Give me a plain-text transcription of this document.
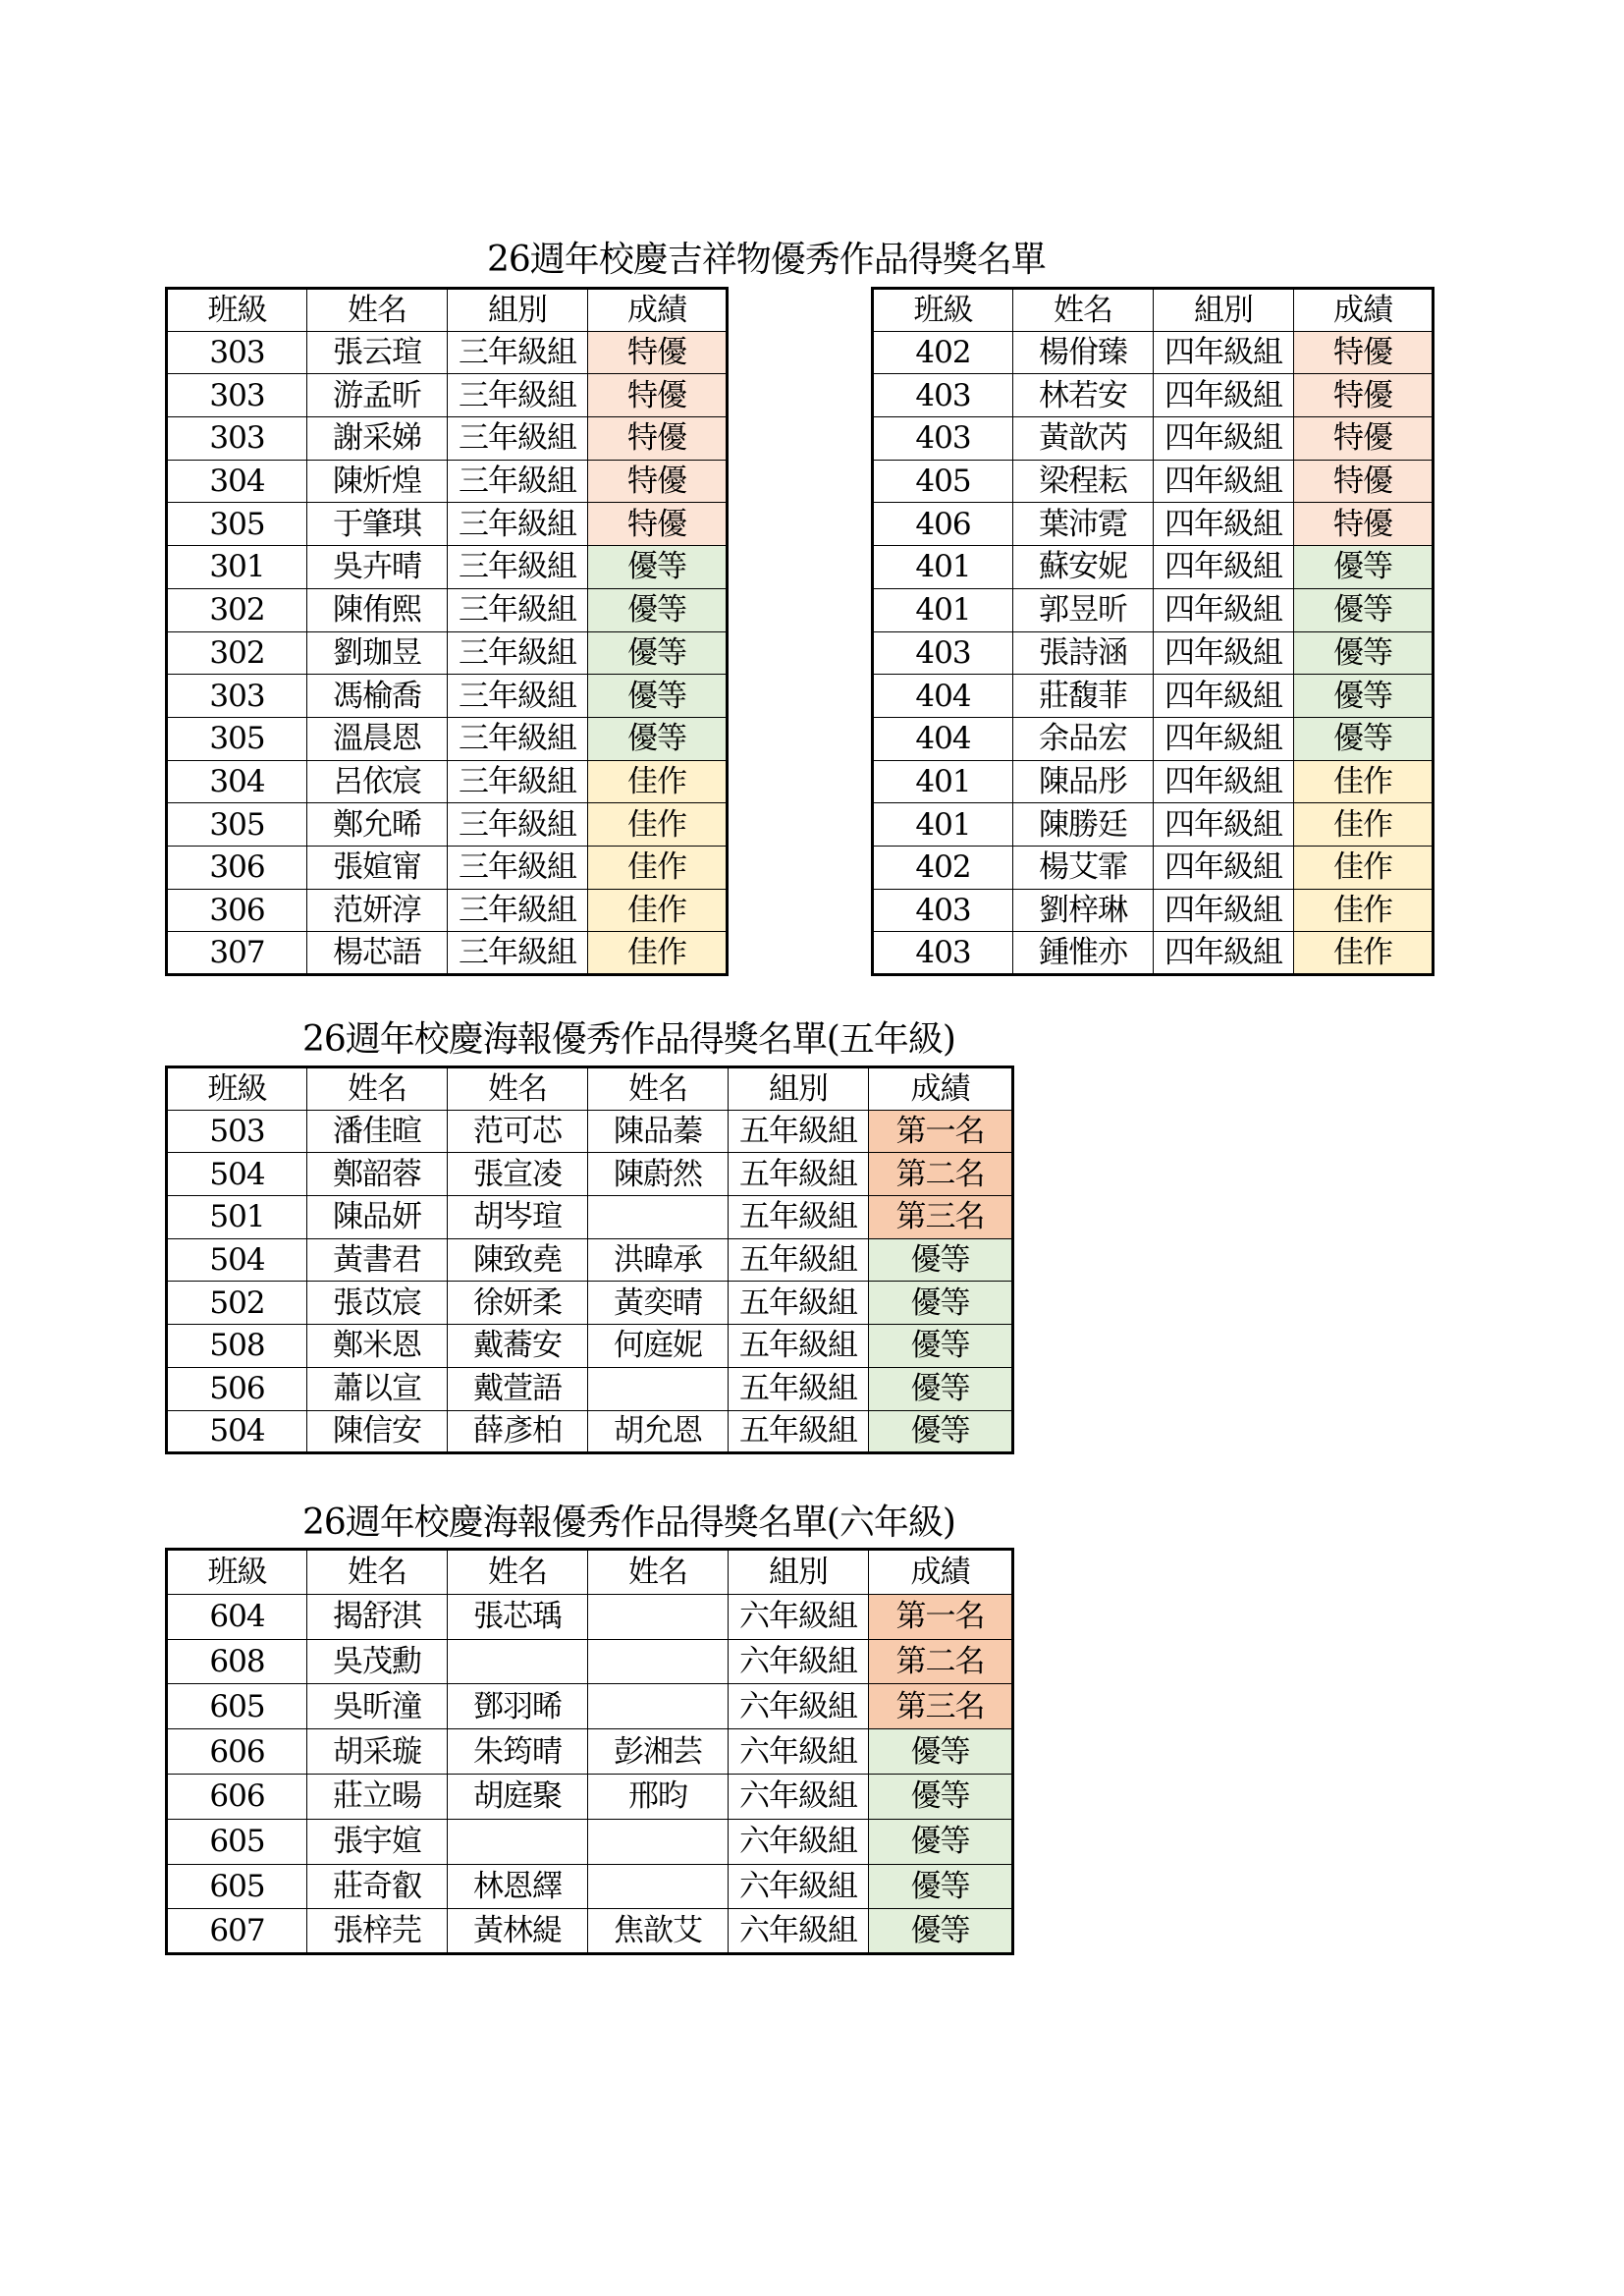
26週年校慶吉祥物優秀作品得獎名單
班級	姓名	組別	成績
303	張云瑄	三年級組	特優
303	游孟昕	三年級組	特優
303	謝采娣	三年級組	特優
304	陳炘煌	三年級組	特優
305	于肇琪	三年級組	特優
301	吳卉晴	三年級組	優等
302	陳侑熙	三年級組	優等
302	劉珈昱	三年級組	優等
303	馮榆喬	三年級組	優等
305	溫晨恩	三年級組	優等
304	呂依宸	三年級組	佳作
305	鄭允晞	三年級組	佳作
306	張媗甯	三年級組	佳作
306	范妍淳	三年級組	佳作
307	楊芯語	三年級組	佳作
班級	姓名	組別	成績
402	楊佾臻	四年級組	特優
403	林若安	四年級組	特優
403	黃歆芮	四年級組	特優
405	梁程耘	四年級組	特優
406	葉沛霓	四年級組	特優
401	蘇安妮	四年級組	優等
401	郭昱昕	四年級組	優等
403	張詩涵	四年級組	優等
404	莊馥菲	四年級組	優等
404	余品宏	四年級組	優等
401	陳品彤	四年級組	佳作
401	陳勝廷	四年級組	佳作
402	楊艾霏	四年級組	佳作
403	劉梓琳	四年級組	佳作
403	鍾惟亦	四年級組	佳作
26週年校慶海報優秀作品得獎名單(五年級)
班級	姓名	姓名	姓名	組別	成績
503	潘佳暄	范可芯	陳品蓁	五年級組	第一名
504	鄭韶蓉	張宣凌	陳蔚然	五年級組	第二名
501	陳品妍	胡岑瑄		五年級組	第三名
504	黃書君	陳致堯	洪暐承	五年級組	優等
502	張苡宸	徐妍柔	黃奕晴	五年級組	優等
508	鄭米恩	戴蕎安	何庭妮	五年級組	優等
506	蕭以宣	戴萱語		五年級組	優等
504	陳信安	薛彥柏	胡允恩	五年級組	優等
26週年校慶海報優秀作品得獎名單(六年級)
班級	姓名	姓名	姓名	組別	成績
604	揭舒淇	張芯瑀		六年級組	第一名
608	吳茂勳			六年級組	第二名
605	吳昕潼	鄧羽晞		六年級組	第三名
606	胡采璇	朱筠晴	彭湘芸	六年級組	優等
606	莊立暘	胡庭聚	邢昀	六年級組	優等
605	張宇媗			六年級組	優等
605	莊奇叡	林恩繹		六年級組	優等
607	張梓芫	黃林緹	焦歆艾	六年級組	優等
